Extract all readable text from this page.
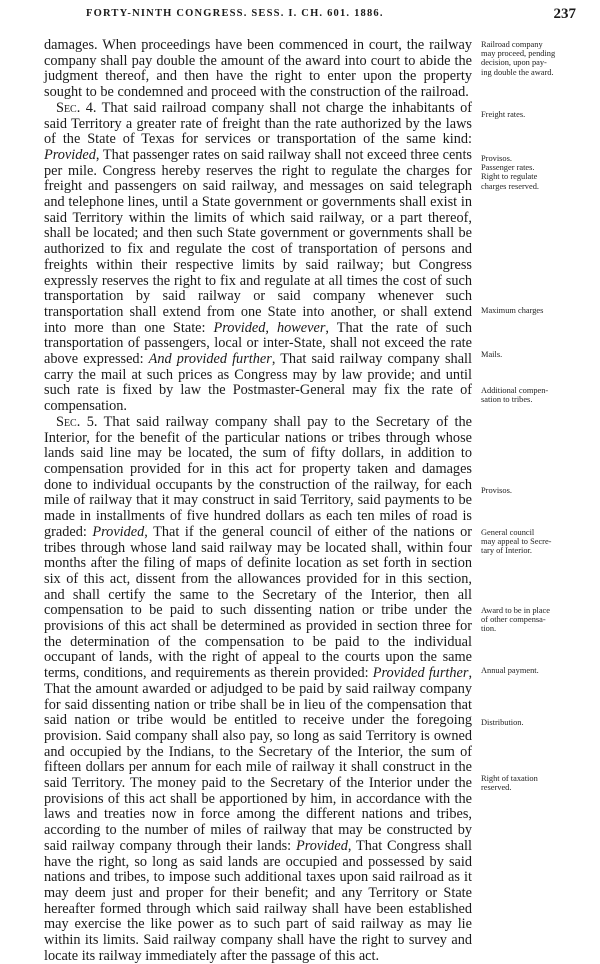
FORTY-NINTH CONGRESS. SESS. I. CH. 601. 1886.	237

damages. When proceedings have been commenced in court, the railway company shall pay double the amount of the award into court to abide the judgment thereof, and then have the right to enter upon the property sought to be condemned and proceed with the construction of the railroad.

Sec. 4. That said railroad company shall not charge the inhabitants of said Territory a greater rate of freight than the rate authorized by the laws of the State of Texas for services or transportation of the same kind: Provided, That passenger rates on said railway shall not exceed three cents per mile. Congress hereby reserves the right to regulate the charges for freight and passengers on said railway, and messages on said telegraph and telephone lines, until a State government or governments shall exist in said Territory within the limits of which said railway, or a part thereof, shall be located; and then such State government or governments shall be authorized to fix and regulate the cost of transportation of persons and freights within their respective limits by said railway; but Congress expressly reserves the right to fix and regulate at all times the cost of such transportation by said railway or said company whenever such transportation shall extend from one State into another, or shall extend into more than one State: Provided, however, That the rate of such transportation of passengers, local or inter-State, shall not exceed the rate above expressed: And provided further, That said railway company shall carry the mail at such prices as Congress may by law provide; and until such rate is fixed by law the Postmaster-General may fix the rate of compensation.

Sec. 5. That said railway company shall pay to the Secretary of the Interior, for the benefit of the particular nations or tribes through whose lands said line may be located, the sum of fifty dollars, in addition to compensation provided for in this act for property taken and damages done to individual occupants by the construction of the railway, for each mile of railway that it may construct in said Territory, said payments to be made in installments of five hundred dollars as each ten miles of road is graded: Provided, That if the general council of either of the nations or tribes through whose land said railway may be located shall, within four months after the filing of maps of definite location as set forth in section six of this act, dissent from the allowances provided for in this section, and shall certify the same to the Secretary of the Interior, then all compensation to be paid to such dissenting nation or tribe under the provisions of this act shall be determined as provided in section three for the determination of the compensation to be paid to the individual occupant of lands, with the right of appeal to the courts upon the same terms, conditions, and requirements as therein provided: Provided further, That the amount awarded or adjudged to be paid by said railway company for said dissenting nation or tribe shall be in lieu of the compensation that said nation or tribe would be entitled to receive under the foregoing provision. Said company shall also pay, so long as said Territory is owned and occupied by the Indians, to the Secretary of the Interior, the sum of fifteen dollars per annum for each mile of railway it shall construct in the said Territory. The money paid to the Secretary of the Interior under the provisions of this act shall be apportioned by him, in accordance with the laws and treaties now in force among the different nations and tribes, according to the number of miles of railway that may be constructed by said railway company through their lands: Provided, That Congress shall have the right, so long as said lands are occupied and possessed by said nations and tribes, to impose such additional taxes upon said railroad as it may deem just and proper for their benefit; and any Territory or State hereafter formed through which said railway shall have been established may exercise the like power as to such part of said railway as may lie within its limits. Said railway company shall have the right to survey and locate its railway immediately after the passage of this act.

Railroad company
may proceed, pending
decision, upon pay-
ing double the award.
Freight rates.
Provisos.
Passenger rates.
Right to regulate
charges reserved.
Maximum charges
Mails.
Additional compen-
sation to tribes.
Provisos.
General council
may appeal to Secre-
tary of Interior.
Award to be in place
of other compensa-
tion.
Annual payment.
Distribution.
Right of taxation
reserved.
